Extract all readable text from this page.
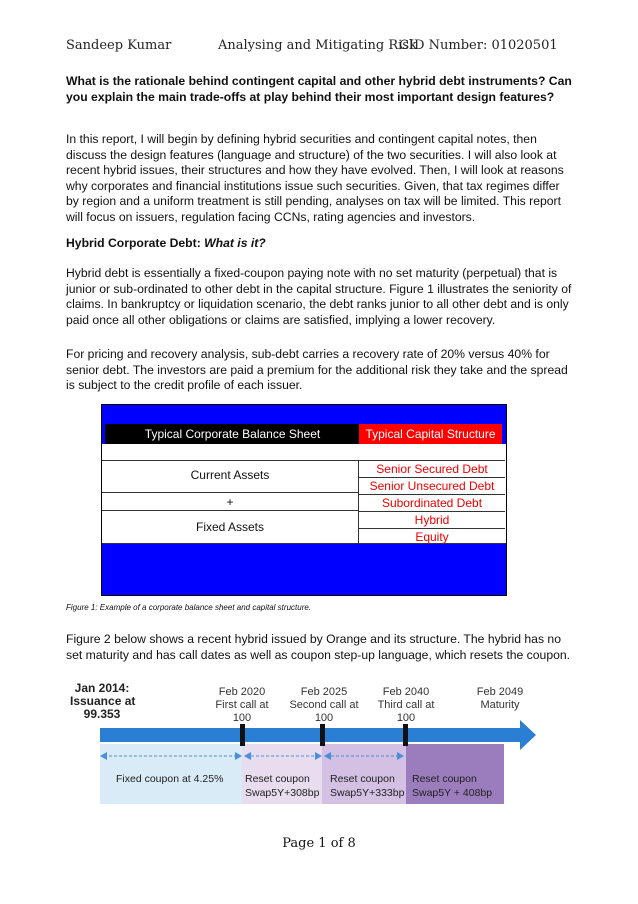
Sandeep Kumar	Analysing and Mitigating Risk
CID Number: 01020501

What is the rationale behind contingent capital and other hybrid debt instruments? Can you explain the main trade-offs at play behind their most important design features?

In this report, I will begin by defining hybrid securities and contingent capital notes, then discuss the design features (language and structure) of the two securities. I will also look at recent hybrid issues, their structures and how they have evolved. Then, I will look at reasons why corporates and financial institutions issue such securities. Given, that tax regimes differ by region and a uniform treatment is still pending, analyses on tax will be limited. This report will focus on issuers, regulation facing CCNs, rating agencies and investors.

Hybrid Corporate Debt: What is it?

Hybrid debt is essentially a fixed-coupon paying note with no set maturity (perpetual) that is junior or sub-ordinated to other debt in the capital structure. Figure 1 illustrates the seniority of claims. In bankruptcy or liquidation scenario, the debt ranks junior to all other debt and is only paid once all other obligations or claims are satisfied, implying a lower recovery.

For pricing and recovery analysis, sub-debt carries a recovery rate of 20% versus 40% for senior debt. The investors are paid a premium for the additional risk they take and the spread is subject to the credit profile of each issuer.

Typical Corporate Balance Sheet	Typical Capital Structure
Current Assets
+
Fixed Assets
Senior Secured Debt
Senior Unsecured Debt
Subordinated Debt
Hybrid
Equity
Figure 1: Example of a corporate balance sheet and capital structure.

Figure 2 below shows a recent hybrid issued by Orange and its structure. The hybrid has no set maturity and has call dates as well as coupon step-up language, which resets the coupon.

Jan 2014:
Issuance at
99.353
Feb 2020
First call at
100
Feb 2025
Second call at
100
Feb 2040
Third call at
100
Feb 2049
Maturity
Fixed coupon at 4.25% Reset coupon
Swap5Y+308bp
Reset coupon
Swap5Y+333bp
Reset coupon
Swap5Y + 408bp
Page 1 of 8
